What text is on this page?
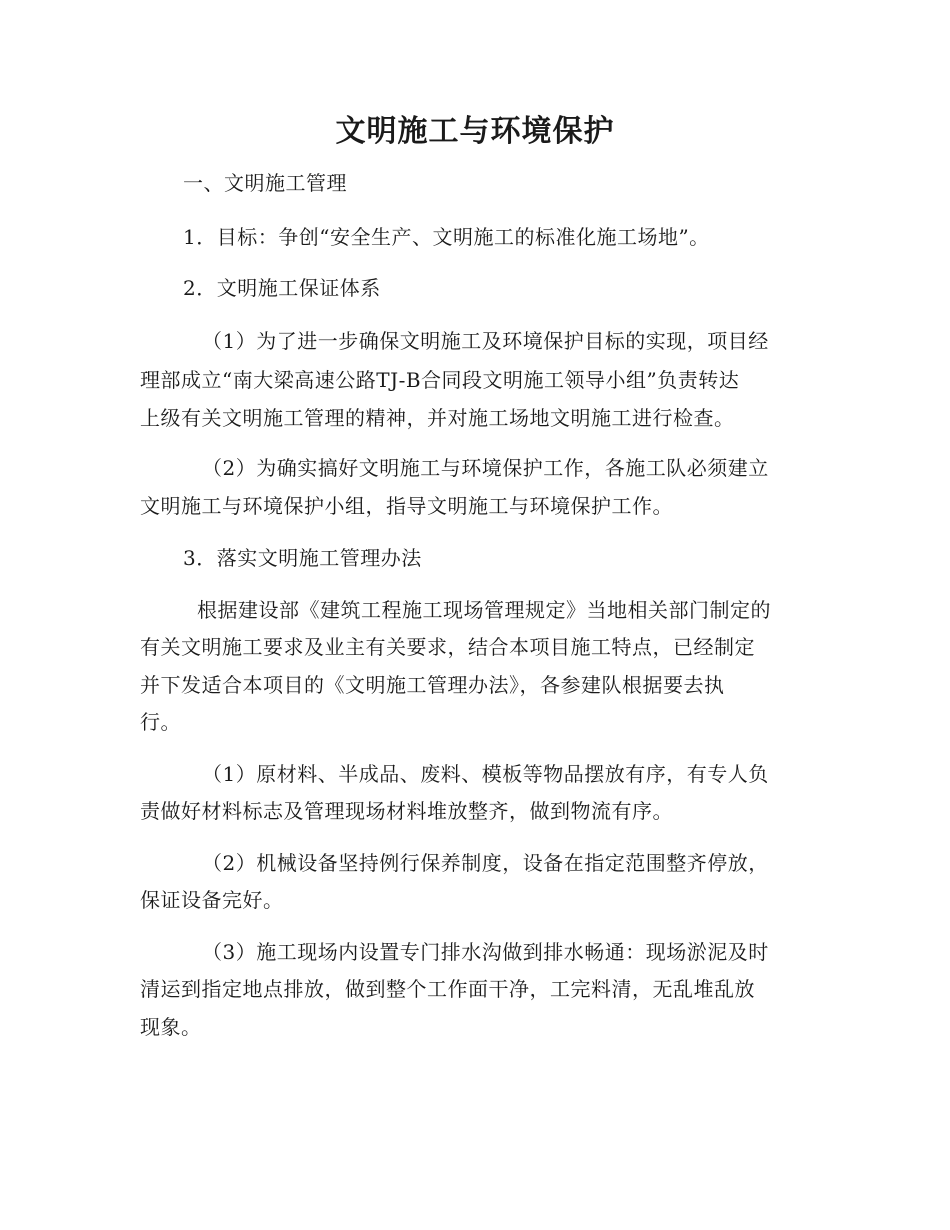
文明施工与环境保护
一、文明施工管理
1．目标：争创“安全生产、文明施工的标准化施工场地”。
2．文明施工保证体系
（1）为了进一步确保文明施工及环境保护目标的实现，项目经
理部成立“南大梁高速公路TJ-B合同段文明施工领导小组”负责转达
上级有关文明施工管理的精神，并对施工场地文明施工进行检查。
（2）为确实搞好文明施工与环境保护工作，各施工队必须建立
文明施工与环境保护小组，指导文明施工与环境保护工作。
3．落实文明施工管理办法
根据建设部《建筑工程施工现场管理规定》当地相关部门制定的
有关文明施工要求及业主有关要求，结合本项目施工特点，已经制定
并下发适合本项目的《文明施工管理办法》，各参建队根据要去执
行。
（1）原材料、半成品、废料、模板等物品摆放有序，有专人负
责做好材料标志及管理现场材料堆放整齐，做到物流有序。
（2）机械设备坚持例行保养制度，设备在指定范围整齐停放，
保证设备完好。
（3）施工现场内设置专门排水沟做到排水畅通：现场淤泥及时
清运到指定地点排放，做到整个工作面干净，工完料清，无乱堆乱放
现象。
